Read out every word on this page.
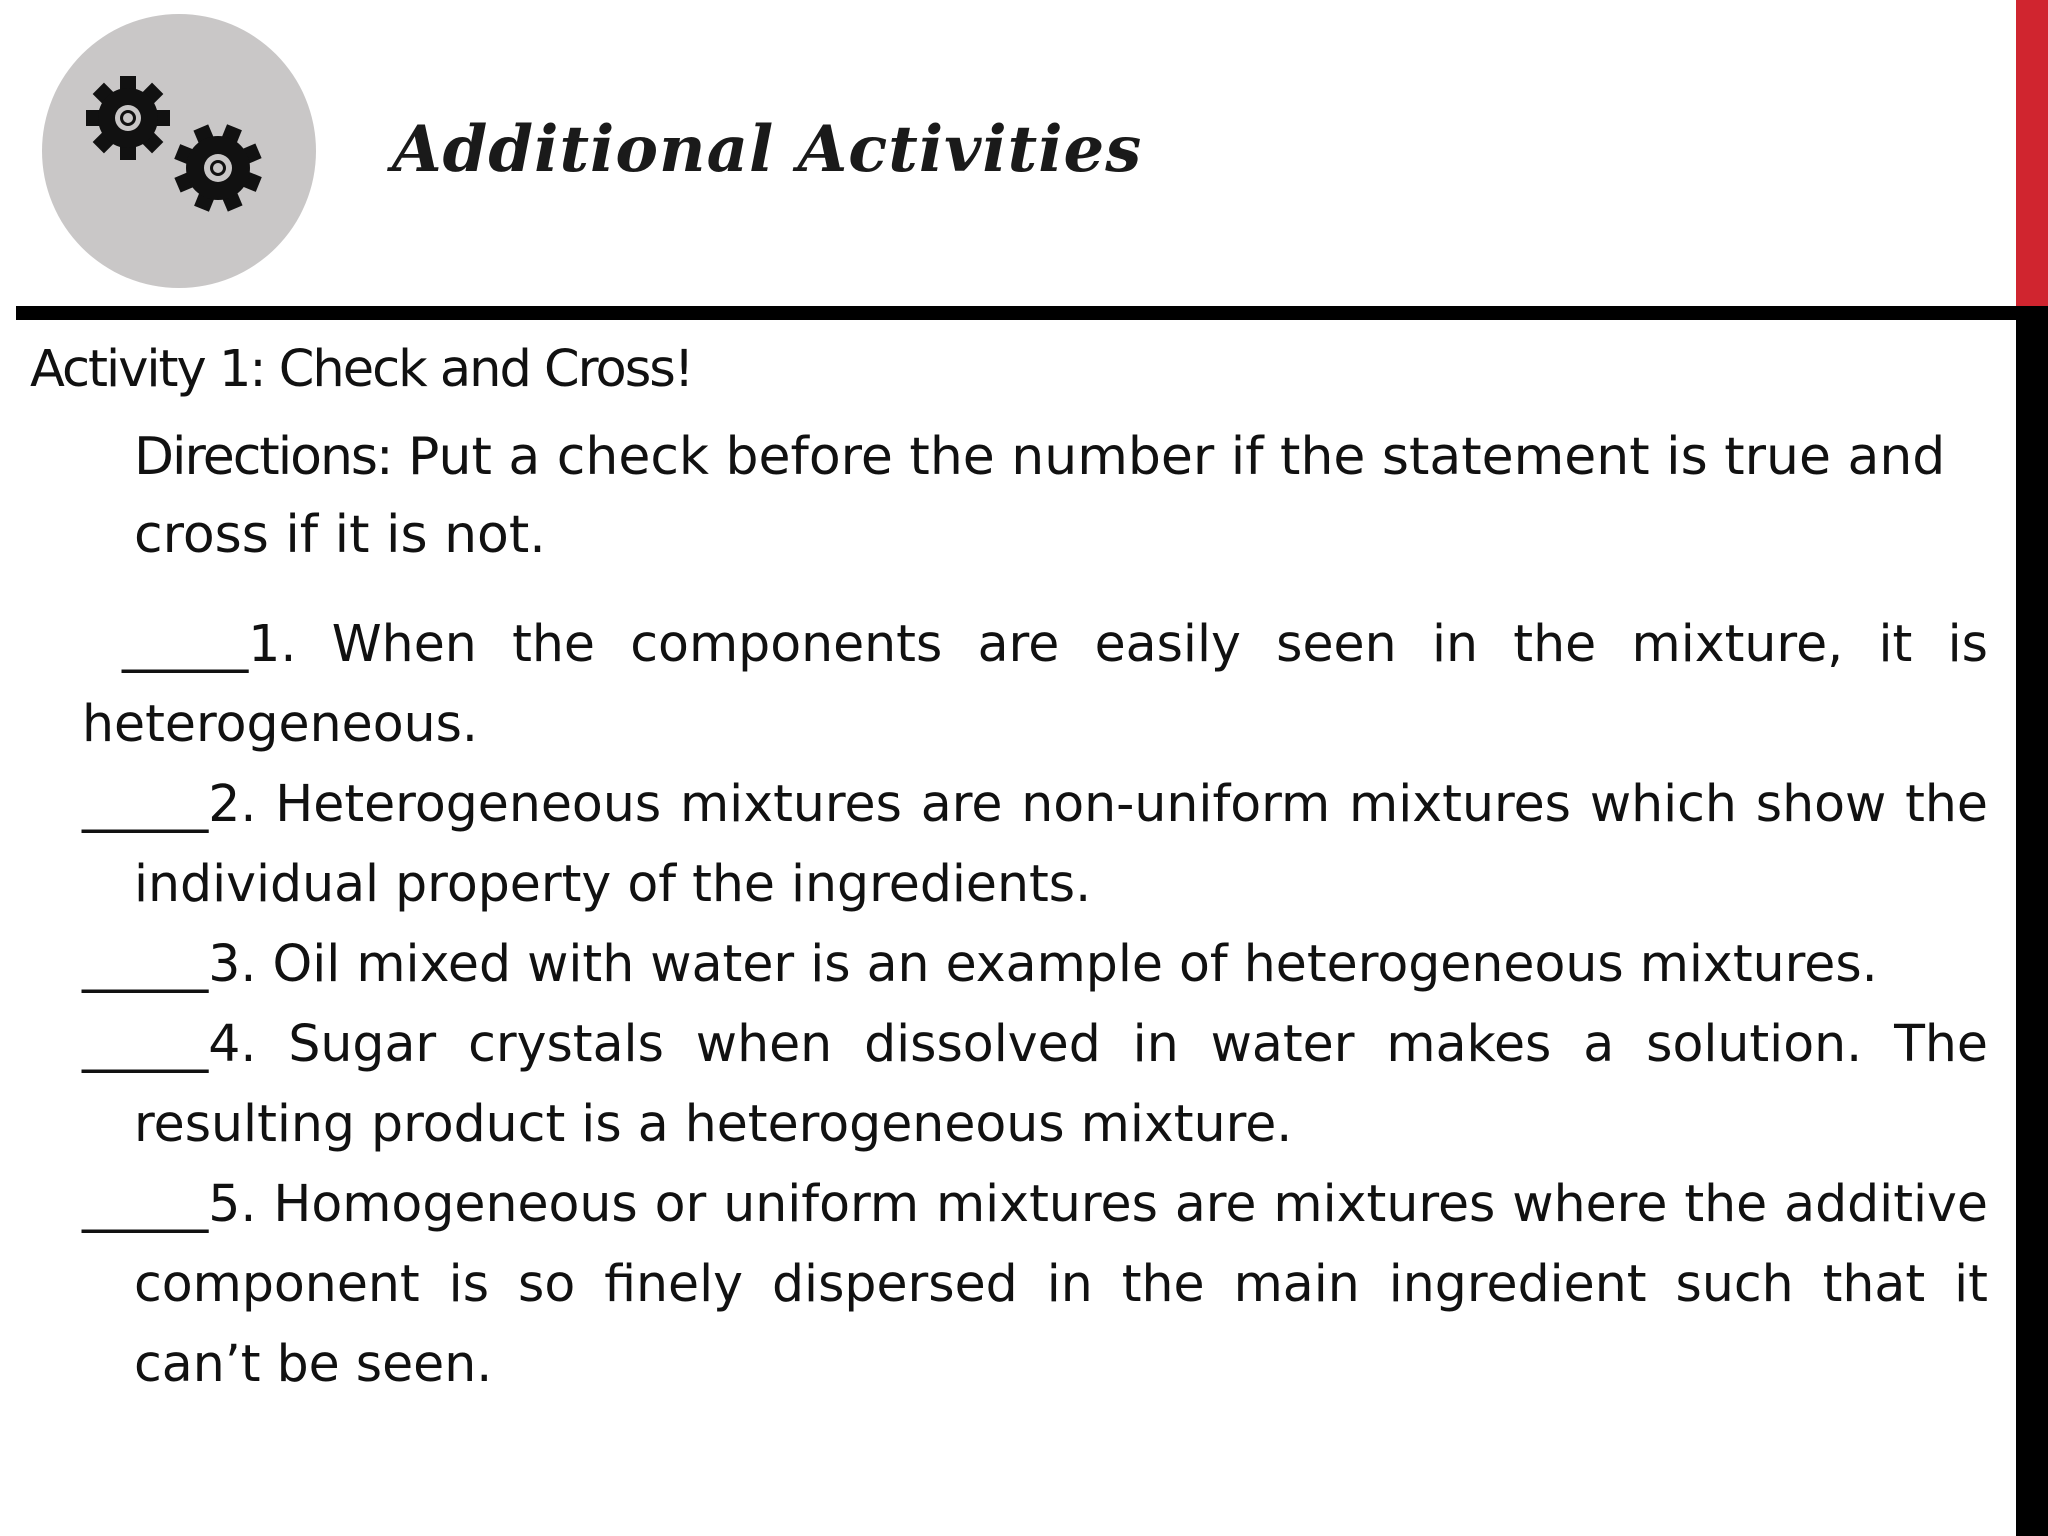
Additional Activities
Activity 1: Check and Cross!
Directions: Put a check before the number if the statement is true and cross if it is not.
_____1. When the components are easily seen in the mixture, it is heterogeneous.
_____2. Heterogeneous mixtures are non-uniform mixtures which show the individual property of the ingredients.
_____3. Oil mixed with water is an example of heterogeneous mixtures.
_____4. Sugar crystals when dissolved in water makes a solution. The resulting product is a heterogeneous mixture.
_____5. Homogeneous or uniform mixtures are mixtures where the additive component is so finely dispersed in the main ingredient such that it can’t be seen.
